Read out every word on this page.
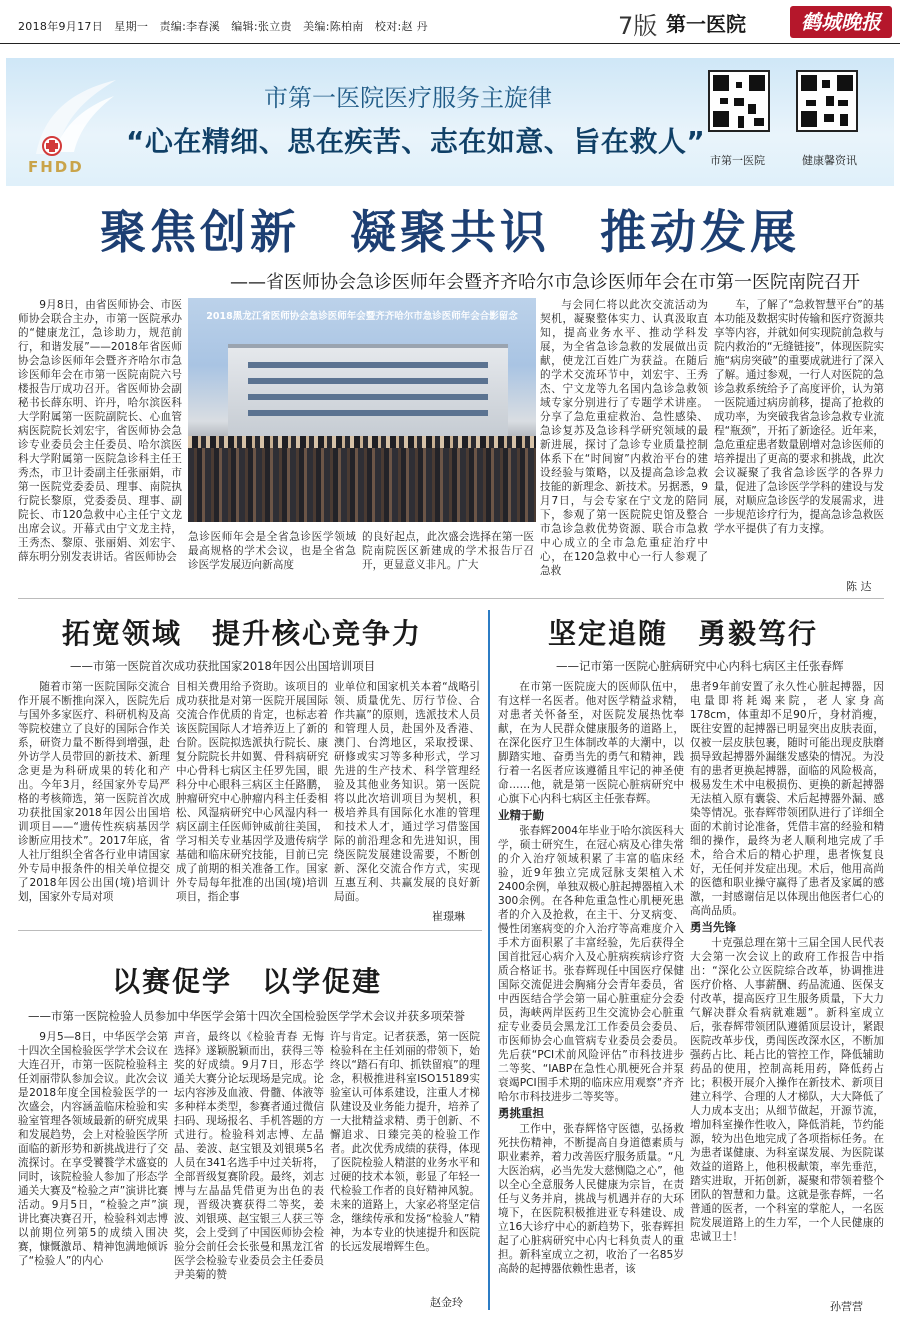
2018年9月17日　星期一　责编:李春溪　编辑:张立贵　美编:陈柏南　校对:赵 丹	7版 第一医院	鹤城晚报
FHDD
市第一医院医疗服务主旋律
“心在精细、思在疾苦、志在如意、旨在救人”
市第一医院	健康馨资讯
聚焦创新　凝聚共识　推动发展
——省医师协会急诊医师年会暨齐齐哈尔市急诊医师年会在市第一医院南院召开

9月8日，由省医师协会、市医师协会联合主办，市第一医院承办的“健康龙江，急诊助力，规范前行，和谐发展”——2018年省医师协会急诊医师年会暨齐齐哈尔市急诊医师年会在市第一医院南院六号楼报告厅成功召开。省医师协会副秘书长薛东明、许丹，哈尔滨医科大学附属第一医院副院长、心血管病医院院长刘宏宇，省医师协会急诊专业委员会主任委员、哈尔滨医科大学附属第一医院急诊科主任王秀杰，市卫计委副主任张丽娟，市第一医院党委委员、理事、南院执行院长黎原，党委委员、理事、副院长、市120急救中心主任宁文龙出席会议。开幕式由宁文龙主持，王秀杰、黎原、张丽娟、刘宏宇、薛东明分别发表讲话。省医师协会

2018黑龙江省医师协会急诊医师年会暨齐齐哈尔市急诊医师年会合影留念

急诊医师年会是全省急诊医学领域最高规格的学术会议，也是全省急诊医学发展迈向新高度

的良好起点，此次盛会选择在第一医院南院医区新建成的学术报告厅召开，更显意义非凡。广大

与会同仁将以此次交流活动为契机，凝聚整体实力、认真汲取直知，提高业务水平、推动学科发展，为全省急诊急救的发展做出贡献，使龙江百姓广为获益。在随后的学术交流环节中，刘宏宇、王秀杰、宁文龙等九名国内急诊急救领域专家分别进行了专题学术讲座。分享了急危重症救治、急性感染、急诊复苏及急诊科学研究领域的最新进展，探讨了急诊专业质量控制体系下在“时间窗”内救治平台的建设经验与策略，以及提高急诊急救技能的新理念、新技术。另据悉，9月7日，与会专家在宁文龙的陪同下，参观了第一医院院史馆及整合市急诊急救优势资源、联合市急救中心成立的全市急危重症治疗中心，在120急救中心一行人参观了急救

车，了解了“急救智慧平台”的基本功能及数据实时传输和医疗资源共享等内容，并就如何实现院前急救与院内救治的“无缝链接”，体现医院实施“病房突破”的重要成就进行了深入了解。通过参观，一行人对医院的急诊急救系统给予了高度评价，认为第一医院通过病房前移，提高了抢救的成功率，为突破我省急诊急救专业流程“瓶颈”，开拓了新途径。近年来，急危重症患者数量剧增对急诊医师的培养提出了更高的要求和挑战，此次会议凝聚了我省急诊医学的各界力量，促进了急诊医学学科的建设与发展，对顺应急诊医学的发展需求，进一步规范诊疗行为，提高急诊急救医学水平提供了有力支撑。

陈 达
拓宽领域　提升核心竞争力
——市第一医院首次成功获批国家2018年因公出国培训项目

随着市第一医院国际交流合作开展不断推向深入，医院先后与国外多家医疗、科研机构及高等院校建立了良好的国际合作关系，研资力量不断得到增强，赴外访学人员带回的新技术、新理念更是为科研成果的转化和产出。今年3月，经国家外专局严格的考核筛选，第一医院首次成功获批国家2018年因公出国培训项目——“遗传性疾病基因学诊断应用技术”。2017年底，省人社厅组织全省各行业申请国家外专局申报条件的相关单位提交了2018年因公出国(境)培训计划，国家外专局对项

目相关费用给予资助。该项目的成功获批是对第一医院开展国际交流合作优质的肯定，也标志着该医院国际人才培养迈上了新的台阶。医院拟选派执行院长、康复分院院长井如翼、骨科病研究中心骨科七病区主任罗先国，眼科分中心眼科三病区主任路鹏，肿瘤研究中心肿瘤内科主任委相松、风湿病研究中心风湿内科一病区副主任医师钟威前往美国，学习相关专业基因学及遗传病学基础和临床研究技能，目前已完成了前期的相关准备工作。国家外专局每年批准的出国(境)培训项目，指企事

业单位和国家机关本着“战略引领、质量优先、厉行节俭、合作共赢”的原则，选派技术人员和管理人员，赴国外及香港、澳门、台湾地区，采取授课、研修或实习等多种形式，学习先进的生产技术、科学管理经验及其他业务知识。第一医院将以此次培训项目为契机，积极培养具有国际化水准的管理和技术人才，通过学习借鉴国际的前沿理念和先进知识，围绕医院发展建设需要，不断创新、深化交流合作方式，实现互惠互利、共赢发展的良好新局面。

崔璟琳
以赛促学　以学促建
——市第一医院检验人员参加中华医学会第十四次全国检验医学学术会议并获多项荣誉

9月5—8日，中华医学会第十四次全国检验医学学术会议在大连召开，市第一医院检验科主任刘丽带队参加会议。此次会议是2018年度全国检验医学的一次盛会，内容涵盖临床检验和实验室管理各领域最新的研究成果和发展趋势，会上对检验医学所面临的新形势和新挑战进行了交流探讨。在享受饕餮学术盛宴的同时，该院检验人参加了形态学通关大赛及“检验之声”演讲比赛活动。9月5日，“检验之声”演讲比赛决赛召开，检验科刘志博以前期位列第5的成绩入围决赛，慷慨激昂、精神饱满地倾诉了“检验人”的内心

声音，最终以《检验青春 无悔选择》遂颖脱颖而出，获得三等奖的好成绩。9月7日，形态学通关大赛分论坛现场是完成。论坛内容涉及血液、骨髓、体液等多种样本类型，参赛者通过微信扫码、现场报名、手机答题的方式进行。检验科刘志博、左晶晶、姜波、赵宝银及刘银瑛5名人员在341名选手中过关斩将，全部晋级复赛阶段。最终，刘志博与左晶晶凭借更为出色的表现，晋级决赛获得二等奖，姜波、刘银瑛、赵宝银三人获三等奖，会上受到了中国医师协会检验分会前任会长张曼和黑龙江省医学会检验专业委员会主任委员尹美菊的赞

许与肯定。记者获悉，第一医院检验科在主任刘丽的带领下，始终以“踏石有印、抓铁留痕”的理念，积极推进科室ISO15189实验室认可体系建设，注重人才梯队建设及业务能力提升，培养了一大批精益求精、勇于创新、不懈追求、日臻完美的检验工作者。此次优秀成绩的获得，体现了医院检验人精湛的业务水平和过硬的技术本领，彰显了年轻一代检验工作者的良好精神风貌。未来的道路上，大家必将坚定信念，继续传承和发扬“检验人”精神，为本专业的快速提升和医院的长远发展增辉生色。

赵金玲
坚定追随　勇毅笃行
——记市第一医院心脏病研究中心内科七病区主任张春辉

在市第一医院庞大的医师队伍中，有这样一名医者。他对医学精益求精，对患者关怀备至，对医院发展热忱奉献，在为人民群众健康服务的道路上，在深化医疗卫生体制改革的大潮中，以脚踏实地、奋勇当先的勇气和精神，践行着一名医者应该遵循且牢记的神圣使命……他，就是第一医院心脏病研究中心旗下心内科七病区主任张春辉。

业精于勤

张春辉2004年毕业于哈尔滨医科大学，硕士研究生，在冠心病及心律失常的介入治疗领域积累了丰富的临床经验，近9年独立完成冠脉支架植入术2400余例，单独双极心脏起搏器植入术300余例。在各种危重急性心肌梗死患者的介入及抢救，在主干、分叉病变、慢性闭塞病变的介入治疗等高难度介入手术方面积累了丰富经验，先后获得全国首批冠心病介入及心脏病疾病诊疗资质合格证书。张春辉现任中国医疗保健国际交流促进会胸痛分会青年委员，省中西医结合学会第一届心脏重症分会委员，海峡两岸医药卫生交流协会心脏重症专业委员会黑龙江工作委员会委员、市医师协会心血管病专业委员会委员。先后获“PCI术前风险评估”市科技进步二等奖、“IABP在急性心肌梗死合并泵衰竭PCI围手术期的临床应用观察”齐齐哈尔市科技进步二等奖等。

勇挑重担

工作中，张春辉恪守医德，弘扬救死扶伤精神，不断提高自身道德素质与职业素养，着力改善医疗服务质量。“凡大医治病，必当先发大慈恻隐之心”，他以全心全意服务人民健康为宗旨，在责任与义务并肩，挑战与机遇并存的大环境下，在医院积极推进亚专科建设、成立16大诊疗中心的新趋势下，张春辉担起了心脏病研究中心内七科负责人的重担。新科室成立之初，收治了一名85岁高龄的起搏器依赖性患者，该

患者9年前安置了永久性心脏起搏器，因电量即将耗竭来院，老人家身高178cm，体重却不足90斤，身材消瘦，既往安置的起搏器已明显突出皮肤表面，仅被一层皮肤包裹，随时可能出现皮肤磨损导致起搏器外漏继发感染的情况。为没有的患者更换起搏器，面临的风险极高，极易发生术中电极损伤、更换的新起搏器无法植入原有囊袋、术后起搏器外漏、感染等情况。张春辉带领团队进行了详细全面的术前讨论准备，凭借丰富的经验和精细的操作，最终为老人顺利地完成了手术，给合术后的精心护理，患者恢复良好，无任何并发症出现。术后，他用高尚的医德和职业操守赢得了患者及家属的感激，一封感谢信足以体现出他医者仁心的高尚品质。

勇当先锋

十克强总理在第十三届全国人民代表大会第一次会议上的政府工作报告中指出：“深化公立医院综合改革，协调推进医疗价格、人事薪酬、药品流通、医保支付改革，提高医疗卫生服务质量，下大力气解决群众看病就难题”。新科室成立后，张春辉带领团队遵循顶层设计，紧跟医院改革步伐，勇闯医改深水区，不断加强药占比、耗占比的管控工作，降低辅助药品的使用，控制高耗用药，降低药占比；积极开展介入操作在新技术、新项目建立科学、合理的人才梯队，大大降低了人力成本支出；从细节做起，开源节流，增加科室操作性收入，降低消耗，节约能源，较为出色地完成了各项指标任务。在为患者谋健康、为科室谋发展、为医院谋效益的道路上，他积极献策，率先垂范，踏实进取，开拓创新，凝聚和带领着整个团队的智慧和力量。这就是张春辉，一名普通的医者，一个科室的掌舵人，一名医院发展道路上的生力军，一个人民健康的忠诚卫士！

孙营营
